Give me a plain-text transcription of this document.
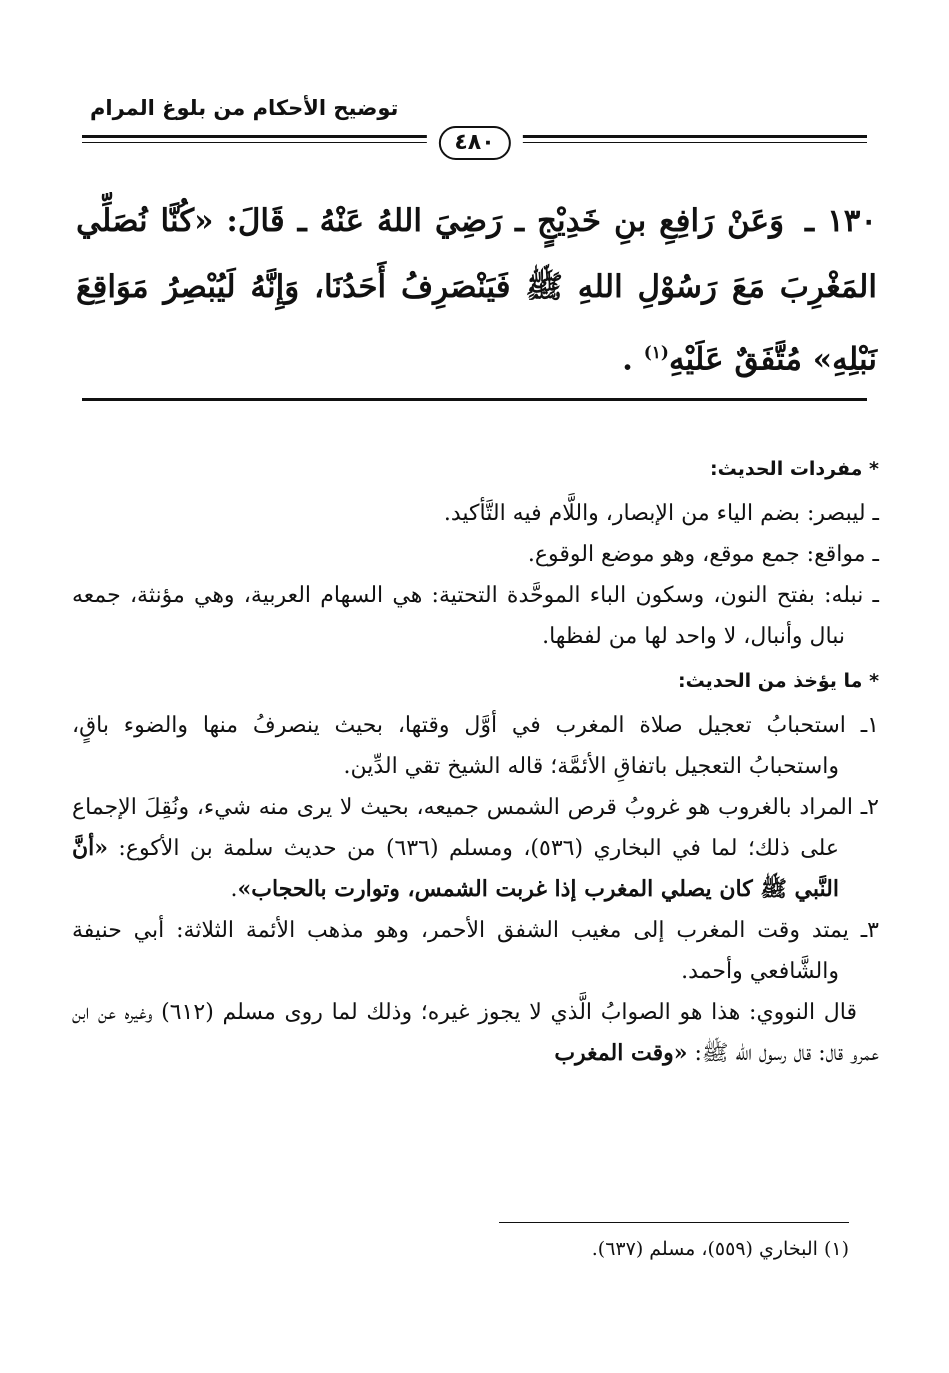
توضيح الأحكام من بلوغ المرام
٤٨٠
١٣٠ ـ وَعَنْ رَافِعِ بنِ خَدِيْجٍ ـ رَضِيَ اللهُ عَنْهُ ـ قَالَ: «كُنَّا نُصَلِّي المَغْرِبَ مَعَ رَسُوْلِ اللهِ ﷺ فَيَنْصَرِفُ أَحَدُنَا، وَإِنَّهُ لَيُبْصِرُ مَوَاقِعَ نَبْلِهِ» مُتَّفَقٌ عَلَيْهِ$^{(١)}$ .
* مفردات الحديث:
ـ ليبصر: بضم الياء من الإبصار، واللَّام فيه التَّأكيد.
ـ مواقع: جمع موقع، وهو موضع الوقوع.
ـ نبله: بفتح النون، وسكون الباء الموحَّدة التحتية: هي السهام العربية، وهي مؤنثة، جمعه نبال وأنبال، لا واحد لها من لفظها.
* ما يؤخذ من الحديث:
١ـ استحبابُ تعجيل صلاة المغرب في أوَّل وقتها، بحيث ينصرفُ منها والضوء باقٍ، واستحبابُ التعجيل باتفاقِ الأئمَّة؛ قاله الشيخ تقي الدِّين.
٢ـ المراد بالغروب هو غروبُ قرص الشمس جميعه، بحيث لا يرى منه شيء، ونُقِلَ الإجماع على ذلك؛ لما في البخاري (٥٣٦)، ومسلم (٦٣٦) من حديث سلمة بن الأكوع: «أنَّ النَّبي ﷺ كان يصلي المغرب إذا غربت الشمس، وتوارت بالحجاب».
٣ـ يمتد وقت المغرب إلى مغيب الشفق الأحمر، وهو مذهب الأئمة الثلاثة: أبي حنيفة والشَّافعي وأحمد.
قال النووي: هذا هو الصوابُ الَّذي لا يجوز غيره؛ وذلك لما روى مسلم (٦١٢) وغيره عن ابن عمرو قال: قال رسول الله ﷺ: «وقت المغرب
(١) البخاري (٥٥٩)، مسلم (٦٣٧).
